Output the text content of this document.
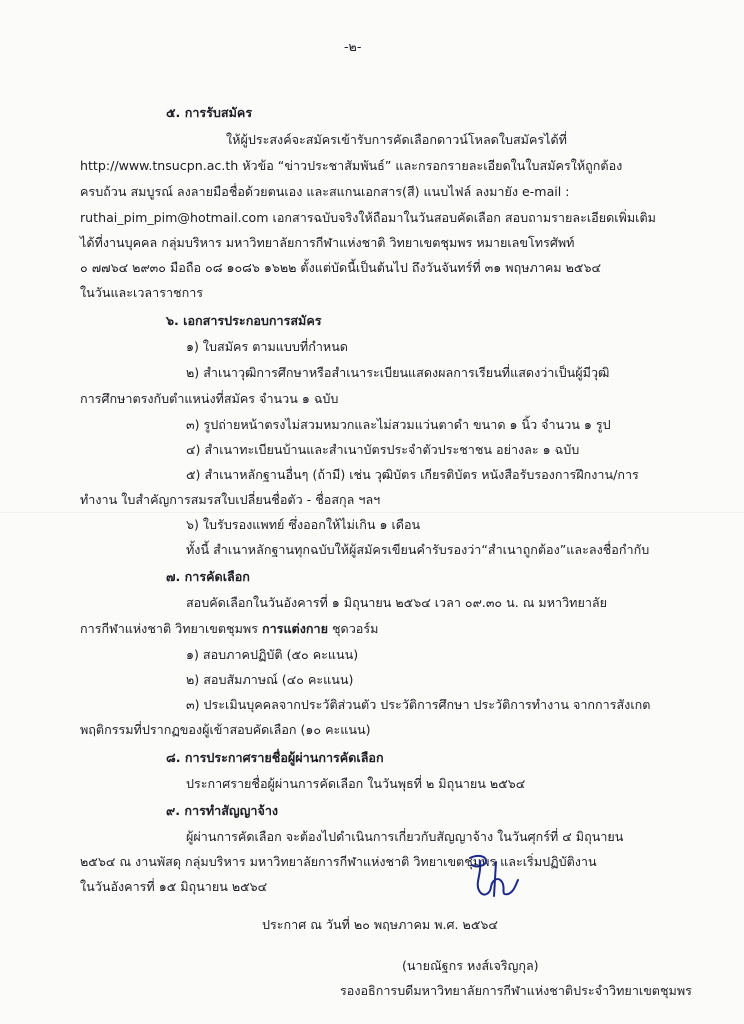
-๒-
๕. การรับสมัคร
ให้ผู้ประสงค์จะสมัครเข้ารับการคัดเลือกดาวน์โหลดใบสมัครได้ที่
http://www.tnsucpn.ac.th หัวข้อ “ข่าวประชาสัมพันธ์” และกรอกรายละเอียดในใบสมัครให้ถูกต้อง
ครบถ้วน สมบูรณ์ ลงลายมือชื่อด้วยตนเอง และสแกนเอกสาร(สี) แนบไฟล์ ลงมายัง e-mail :
ruthai_pim_pim@hotmail.com เอกสารฉบับจริงให้ถือมาในวันสอบคัดเลือก สอบถามรายละเอียดเพิ่มเติม
ได้ที่งานบุคคล กลุ่มบริหาร มหาวิทยาลัยการกีฬาแห่งชาติ วิทยาเขตชุมพร หมายเลขโทรศัพท์
๐ ๗๗๖๔ ๒๙๓๐ มือถือ ๐๘ ๑๐๘๖ ๑๖๒๒ ตั้งแต่บัดนี้เป็นต้นไป ถึงวันจันทร์ที่ ๓๑ พฤษภาคม ๒๕๖๔
ในวันและเวลาราชการ
๖. เอกสารประกอบการสมัคร
๑) ใบสมัคร ตามแบบที่กำหนด
๒) สำเนาวุฒิการศึกษาหรือสำเนาระเบียนแสดงผลการเรียนที่แสดงว่าเป็นผู้มีวุฒิ
การศึกษาตรงกับตำแหน่งที่สมัคร จำนวน ๑ ฉบับ
๓) รูปถ่ายหน้าตรงไม่สวมหมวกและไม่สวมแว่นตาดำ ขนาด ๑ นิ้ว จำนวน ๑ รูป
๔) สำเนาทะเบียนบ้านและสำเนาบัตรประจำตัวประชาชน อย่างละ ๑ ฉบับ
๕) สำเนาหลักฐานอื่นๆ (ถ้ามี) เช่น วุฒิบัตร เกียรติบัตร หนังสือรับรองการฝึกงาน/การ
ทำงาน ใบสำคัญการสมรสใบเปลี่ยนชื่อตัว - ชื่อสกุล ฯลฯ
๖) ใบรับรองแพทย์ ซึ่งออกให้ไม่เกิน ๑ เดือน
ทั้งนี้ สำเนาหลักฐานทุกฉบับให้ผู้สมัครเขียนคำรับรองว่า“สำเนาถูกต้อง”และลงชื่อกำกับ
๗. การคัดเลือก
สอบคัดเลือกในวันอังคารที่ ๑ มิถุนายน ๒๕๖๔ เวลา ๐๙.๓๐ น. ณ มหาวิทยาลัย
การกีฬาแห่งชาติ วิทยาเขตชุมพร การแต่งกาย ชุดวอร์ม
๑) สอบภาคปฏิบัติ (๕๐ คะแนน)
๒) สอบสัมภาษณ์ (๔๐ คะแนน)
๓) ประเมินบุคคลจากประวัติส่วนตัว ประวัติการศึกษา ประวัติการทำงาน จากการสังเกต
พฤติกรรมที่ปรากฏของผู้เข้าสอบคัดเลือก (๑๐ คะแนน)
๘. การประกาศรายชื่อผู้ผ่านการคัดเลือก
ประกาศรายชื่อผู้ผ่านการคัดเลือก ในวันพุธที่ ๒ มิถุนายน ๒๕๖๔
๙. การทำสัญญาจ้าง
ผู้ผ่านการคัดเลือก จะต้องไปดำเนินการเกี่ยวกับสัญญาจ้าง ในวันศุกร์ที่ ๔ มิถุนายน
๒๕๖๔ ณ งานพัสดุ กลุ่มบริหาร มหาวิทยาลัยการกีฬาแห่งชาติ วิทยาเขตชุมพร และเริ่มปฏิบัติงาน
ในวันอังคารที่ ๑๕ มิถุนายน ๒๕๖๔
ประกาศ ณ วันที่ ๒๐ พฤษภาคม พ.ศ. ๒๕๖๔
(นายณัฐกร หงส์เจริญกุล)
รองอธิการบดีมหาวิทยาลัยการกีฬาแห่งชาติประจำวิทยาเขตชุมพร
